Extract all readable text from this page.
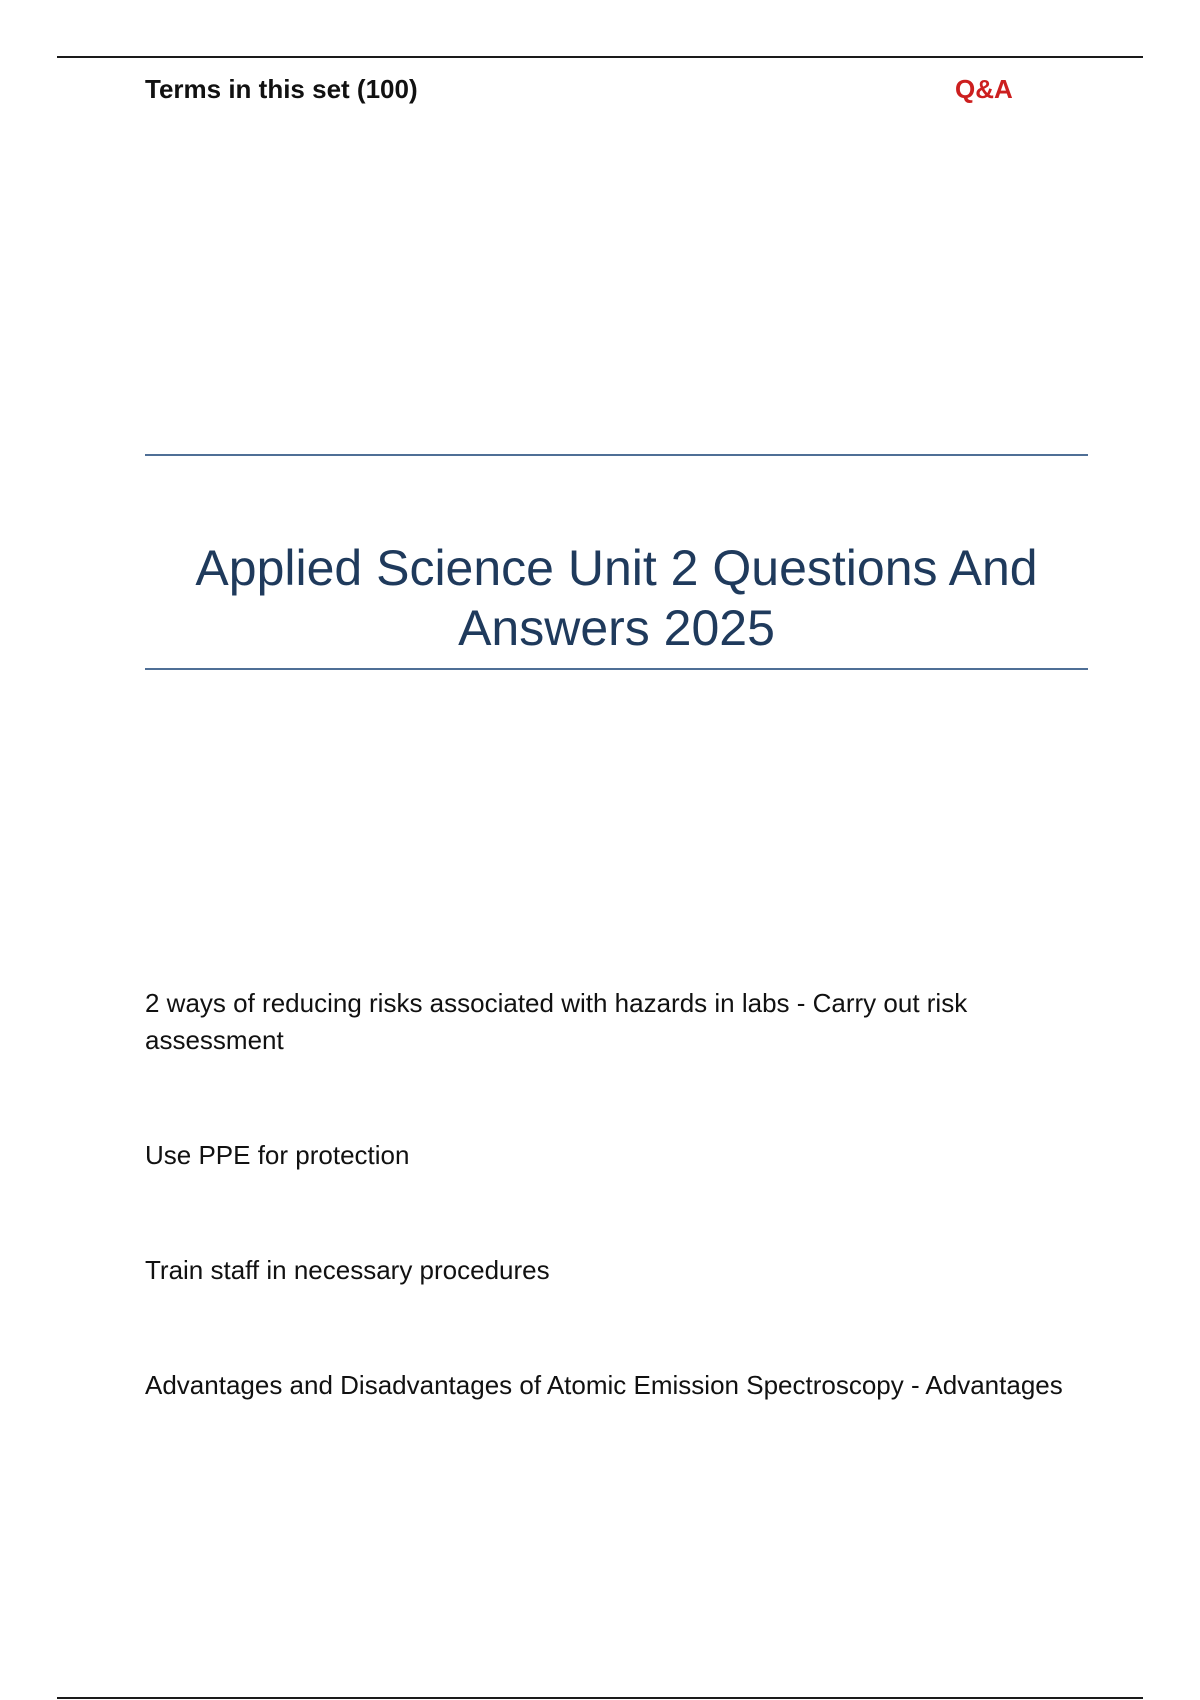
Terms in this set (100)	Q&A
Applied Science Unit 2 Questions And Answers 2025
2 ways of reducing risks associated with hazards in labs - Carry out risk assessment
Use PPE for protection
Train staff in necessary procedures
Advantages and Disadvantages of Atomic Emission Spectroscopy - Advantages
